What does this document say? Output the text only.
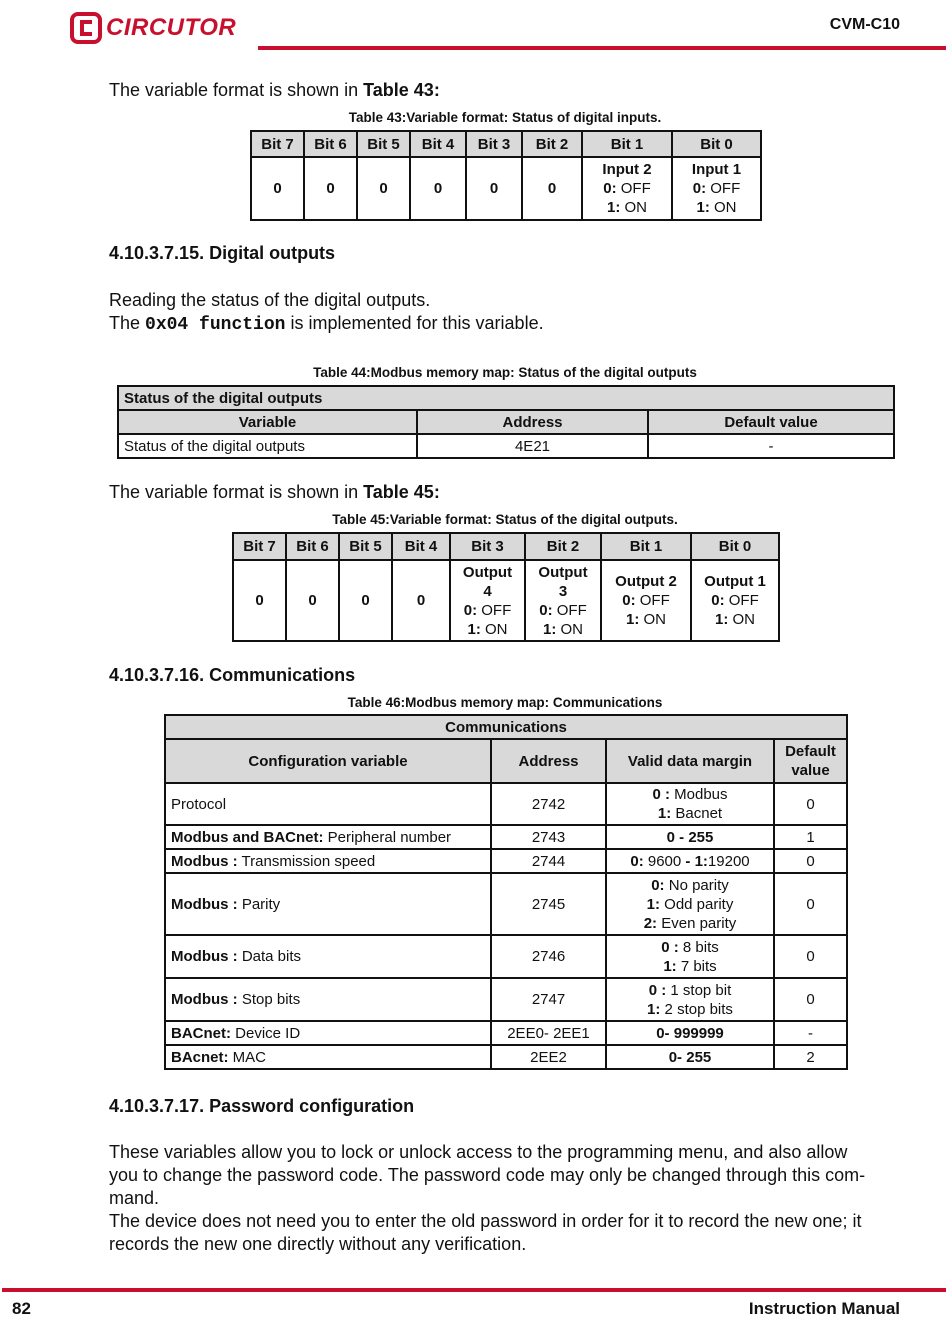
CIRCUTOR	CVM-C10
The variable format is shown in Table 43:
Table 43:Variable format: Status of digital inputs.
Bit 7	Bit 6	Bit 5	Bit 4	Bit 3	Bit 2	Bit 1	Bit 0
0	0	0	0	0	0	Input 2
0: OFF
1: ON	Input 1
0: OFF
1: ON
4.10.3.7.15. Digital outputs
Reading the status of the digital outputs.
The 0x04 function is implemented for this variable.
Table 44:Modbus memory map: Status of the digital outputs
Status of the digital outputs		
Variable	Address	Default value
Status of the digital outputs	4E21	-
The variable format is shown in Table 45:
Table 45:Variable format: Status of the digital outputs.
Bit 7	Bit 6	Bit 5	Bit 4	Bit 3	Bit 2	Bit 1	Bit 0
0	0	0	0	Output
4
0: OFF
1: ON	Output
3
0: OFF
1: ON	Output 2
0: OFF
1: ON	Output 1
0: OFF
1: ON
4.10.3.7.16. Communications
Table 46:Modbus memory map: Communications
Communications			
Configuration variable	Address	Valid data margin	Default value
Protocol	2742	0 : Modbus
1: Bacnet	0
Modbus and BACnet: Peripheral number	2743	0 - 255	1
Modbus : Transmission speed	2744	0: 9600 - 1:19200	0
Modbus : Parity	2745	0: No parity
1: Odd parity
2: Even parity	0
Modbus : Data bits	2746	0 : 8 bits
1: 7 bits	0
Modbus : Stop bits	2747	0 : 1 stop bit
1: 2 stop bits	0
BACnet: Device ID	2EE0- 2EE1	0- 999999	-
BAcnet: MAC	2EE2	0- 255	2
4.10.3.7.17. Password configuration
These variables allow you to lock or unlock access to the programming menu, and also allow
you to change the password code. The password code may only be changed through this com-
mand.
The device does not need you to enter the old password in order for it to record the new one; it
records the new one directly without any verification.
82	Instruction Manual
